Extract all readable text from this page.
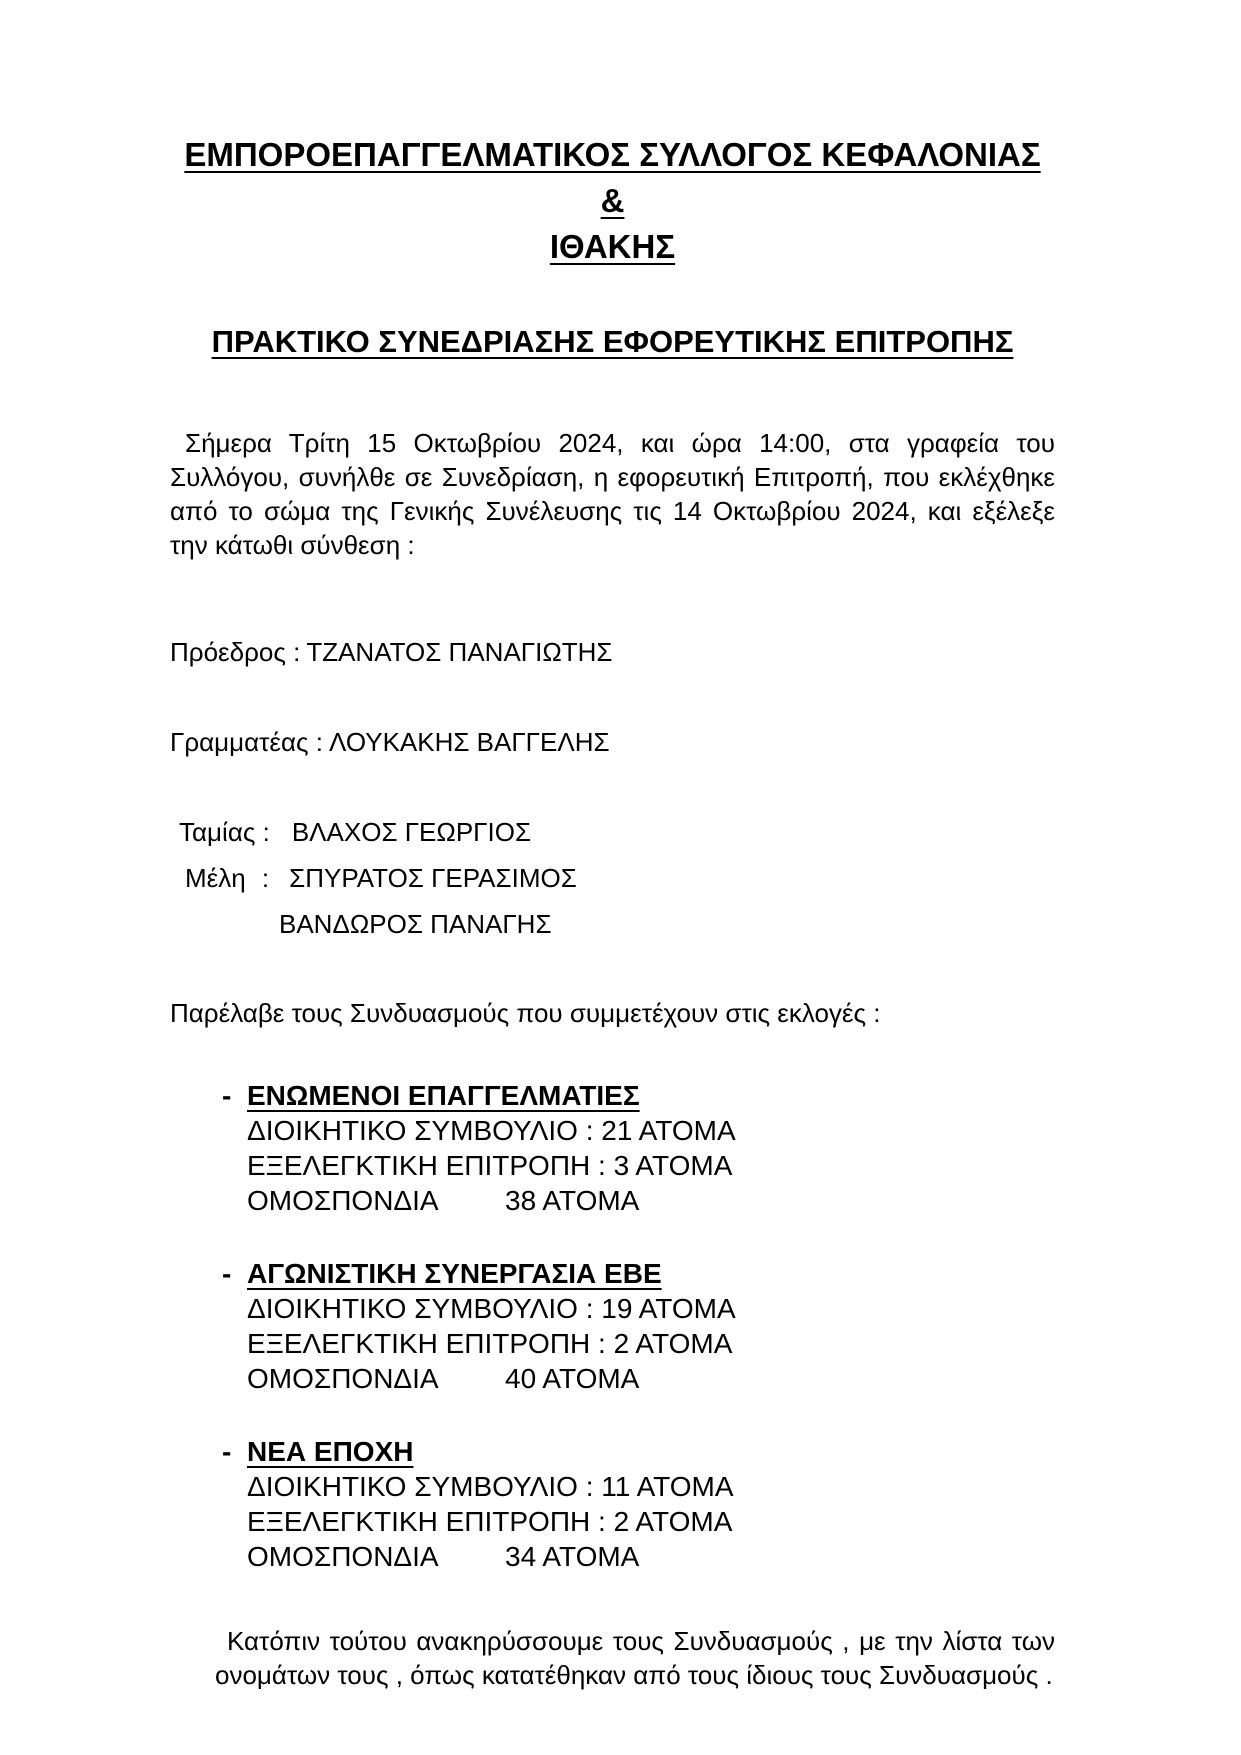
ΕΜΠΟΡΟΕΠΑΓΓΕΛΜΑΤΙΚΟΣ ΣΥΛΛΟΓΟΣ ΚΕΦΑΛΟΝΙΑΣ &
ΙΘΑΚΗΣ
ΠΡΑΚΤΙΚΟ ΣΥΝΕΔΡΙΑΣΗΣ ΕΦΟΡΕΥΤΙΚΗΣ ΕΠΙΤΡΟΠΗΣ

Σήμερα Τρίτη 15 Οκτωβρίου 2024, και ώρα 14:00, στα γραφεία του Συλλόγου, συνήλθε σε Συνεδρίαση, η εφορευτική Επιτροπή, που εκλέχθηκε από το σώμα της Γενικής Συνέλευσης τις 14 Οκτωβρίου 2024, και εξέλεξε την κάτωθι σύνθεση :

Πρόεδρος : ΤΖΑΝΑΤΟΣ ΠΑΝΑΓΙΩΤΗΣ

Γραμματέας : ΛΟΥΚΑΚΗΣ ΒΑΓΓΕΛΗΣ

Ταμίας : ΒΛΑΧΟΣ ΓΕΩΡΓΙΟΣ

Μέλη : ΣΠΥΡΑΤΟΣ ΓΕΡΑΣΙΜΟΣ

ΒΑΝΔΩΡΟΣ ΠΑΝΑΓΗΣ

Παρέλαβε τους Συνδυασμούς που συμμετέχουν στις εκλογές :

- ΕΝΩΜΕΝΟΙ ΕΠΑΓΓΕΛΜΑΤΙΕΣ

ΔΙΟΙΚΗΤΙΚΟ ΣΥΜΒΟΥΛΙΟ : 21 ΑΤΟΜΑ

ΕΞΕΛΕΓΚΤΙΚΗ ΕΠΙΤΡΟΠΗ : 3 ΑΤΟΜΑ

ΟΜΟΣΠΟΝΔΙΑ 38 ΑΤΟΜΑ

- ΑΓΩΝΙΣΤΙΚΗ ΣΥΝΕΡΓΑΣΙΑ ΕΒΕ

ΔΙΟΙΚΗΤΙΚΟ ΣΥΜΒΟΥΛΙΟ : 19 ΑΤΟΜΑ

ΕΞΕΛΕΓΚΤΙΚΗ ΕΠΙΤΡΟΠΗ : 2 ΑΤΟΜΑ

ΟΜΟΣΠΟΝΔΙΑ 40 ΑΤΟΜΑ

- ΝΕΑ ΕΠΟΧΗ

ΔΙΟΙΚΗΤΙΚΟ ΣΥΜΒΟΥΛΙΟ : 11 ΑΤΟΜΑ

ΕΞΕΛΕΓΚΤΙΚΗ ΕΠΙΤΡΟΠΗ : 2 ΑΤΟΜΑ

ΟΜΟΣΠΟΝΔΙΑ 34 ΑΤΟΜΑ

Κατόπιν τούτου ανακηρύσσουμε τους Συνδυασμούς , με την λίστα των ονομάτων τους , όπως κατατέθηκαν από τους ίδιους τους Συνδυασμούς .
